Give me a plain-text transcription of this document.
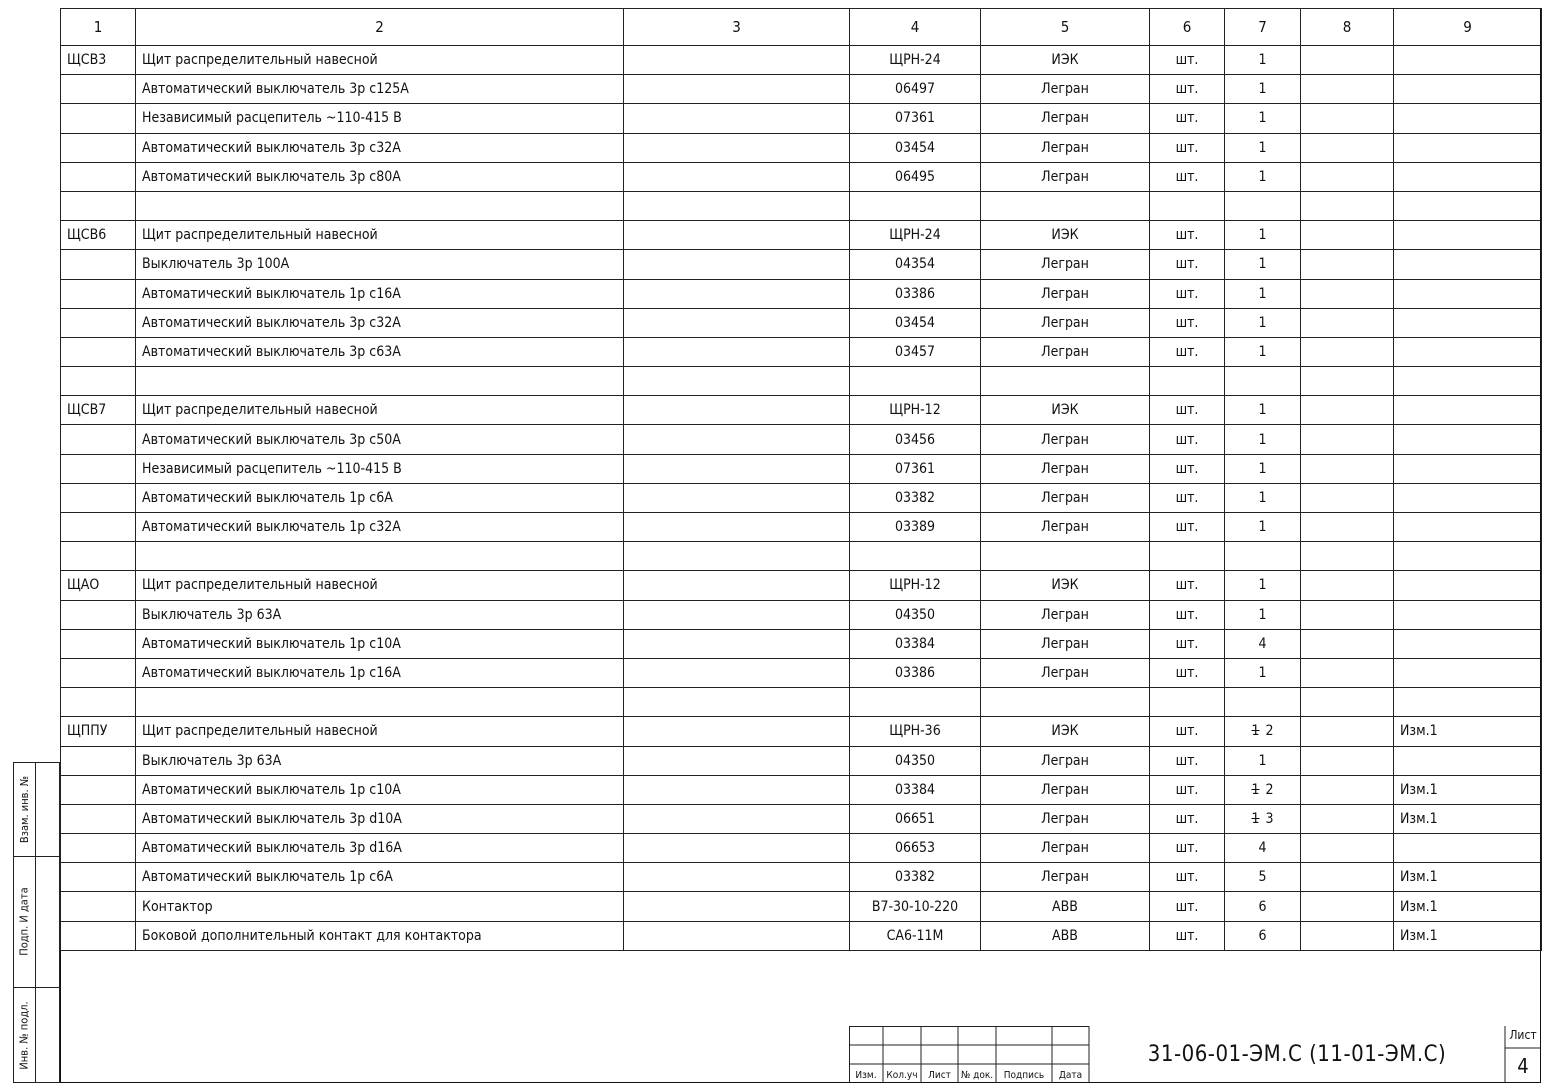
1	2	3	4	5	6	7	8	9
ЩСВ3	Щит распределительный навесной		ЩРН-24	ИЭК	шт.	1		
	Автоматический выключатель 3р с125А		06497	Легран	шт.	1		
	Независимый расцепитель ~110-415 В		07361	Легран	шт.	1		
	Автоматический выключатель 3р с32А		03454	Легран	шт.	1		
	Автоматический выключатель 3р с80А		06495	Легран	шт.	1		

ЩСВ6	Щит распределительный навесной		ЩРН-24	ИЭК	шт.	1		
	Выключатель 3р 100А		04354	Легран	шт.	1		
	Автоматический выключатель 1р с16А		03386	Легран	шт.	1		
	Автоматический выключатель 3р с32А		03454	Легран	шт.	1		
	Автоматический выключатель 3р с63А		03457	Легран	шт.	1		

ЩСВ7	Щит распределительный навесной		ЩРН-12	ИЭК	шт.	1		
	Автоматический выключатель 3р с50А		03456	Легран	шт.	1		
	Независимый расцепитель ~110-415 В		07361	Легран	шт.	1		
	Автоматический выключатель 1р с6А		03382	Легран	шт.	1		
	Автоматический выключатель 1р с32А		03389	Легран	шт.	1		

ЩАО	Щит распределительный навесной		ЩРН-12	ИЭК	шт.	1		
	Выключатель 3р 63А		04350	Легран	шт.	1		
	Автоматический выключатель 1р с10А		03384	Легран	шт.	4		
	Автоматический выключатель 1р с16А		03386	Легран	шт.	1		

ЩППУ	Щит распределительный навесной		ЩРН-36	ИЭК	шт.	1 2		Изм.1
	Выключатель 3р 63А		04350	Легран	шт.	1		
	Автоматический выключатель 1р с10А		03384	Легран	шт.	1 2		Изм.1
	Автоматический выключатель 3р d10А		06651	Легран	шт.	1 3		Изм.1
	Автоматический выключатель 3р d16А		06653	Легран	шт.	4		
	Автоматический выключатель 1р с6А		03382	Легран	шт.	5		Изм.1
	Контактор		B7-30-10-220	ABB	шт.	6		Изм.1
	Боковой дополнительный контакт для контактора		CA6-11M	ABB	шт.	6		Изм.1
Взам. инв. №
Подп. И дата
Инв. № подл.
Изм. Кол.уч	Лист № док.	Подпись	Дата
31-06-01-ЭМ.С (11-01-ЭМ.С)
Лист
4
